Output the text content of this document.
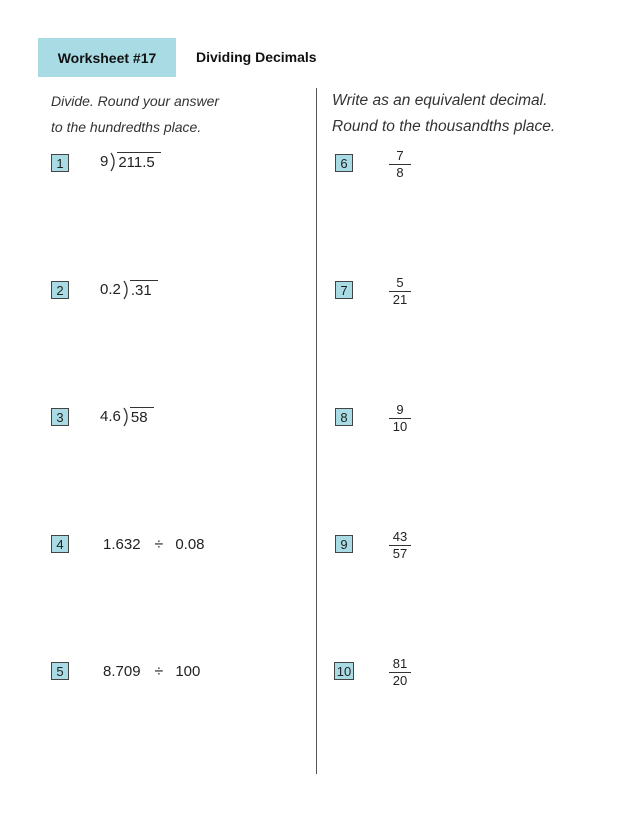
Worksheet #17	Dividing Decimals
Divide. Round your answer
to the hundredths place.
Write as an equivalent decimal.
Round to the thousandths place.
1	9 211.5
2	0.2 .31
3	4.6 58
4	1.632 ÷ 0.08
5	8.709 ÷ 100
6	7
8
7	5
21
8	9
10
9	43
57
10	81
20
